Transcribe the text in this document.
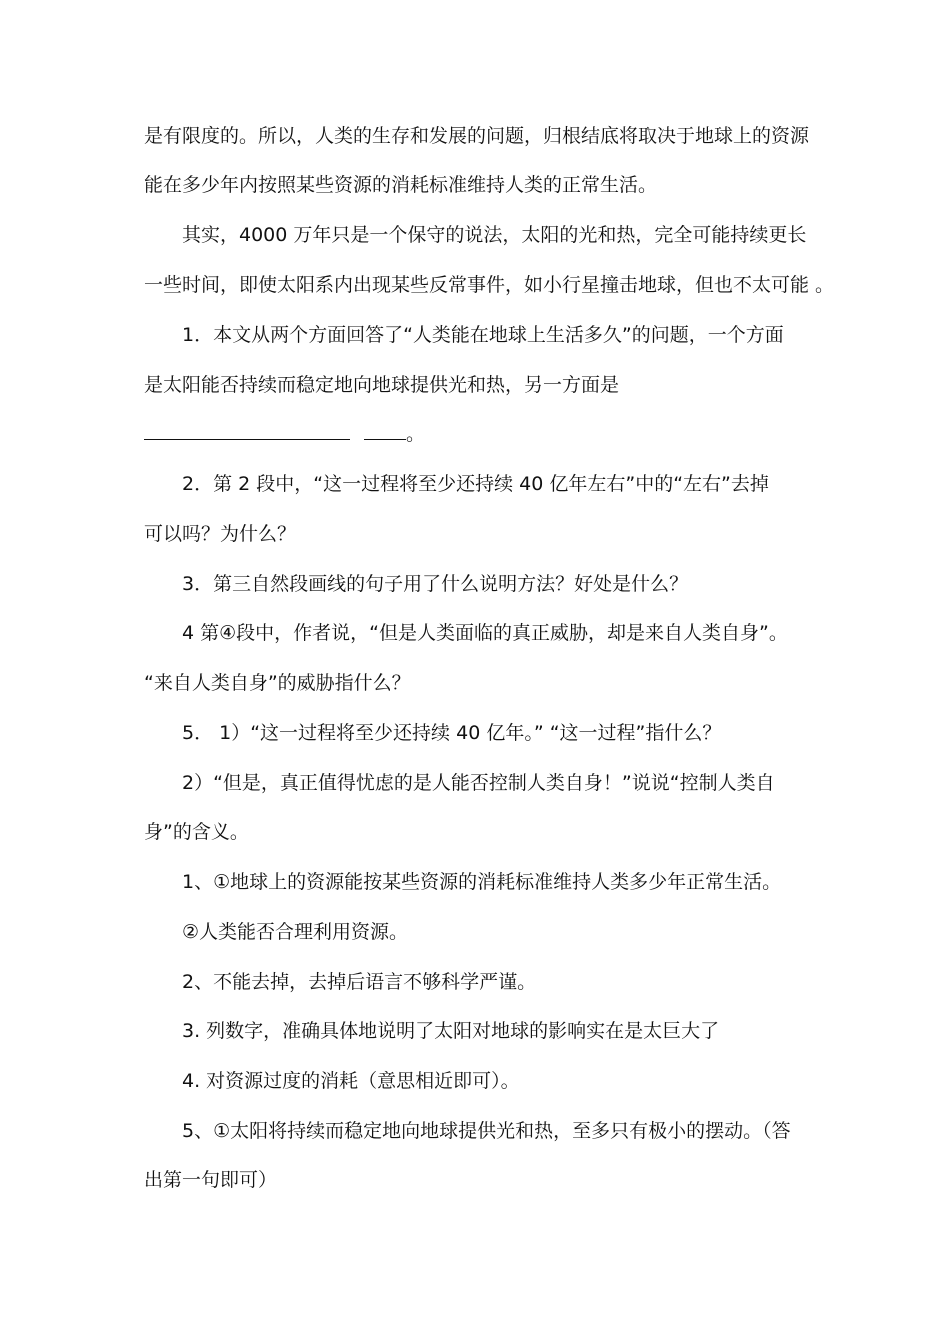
是有限度的。所以，人类的生存和发展的问题，归根结底将取决于地球上的资源
能在多少年内按照某些资源的消耗标准维持人类的正常生活。
其实，4000 万年只是一个保守的说法，太阳的光和热，完全可能持续更长
一些时间，即使太阳系内出现某些反常事件，如小行星撞击地球，但也不太可能 。
1．本文从两个方面回答了“人类能在地球上生活多久”的问题，一个方面
是太阳能否持续而稳定地向地球提供光和热，另一方面是
。
2．第 2 段中，“这一过程将至少还持续 40 亿年左右”中的“左右”去掉
可以吗？为什么？
3．第三自然段画线的句子用了什么说明方法？好处是什么？
4 第④段中，作者说，“但是人类面临的真正威胁，却是来自人类自身”。
“来自人类自身”的威胁指什么？
5． 1）“这一过程将至少还持续 40 亿年。” “这一过程”指什么？
2）“但是，真正值得忧虑的是人能否控制人类自身！”说说“控制人类自
身”的含义。
1、①地球上的资源能按某些资源的消耗标准维持人类多少年正常生活。
②人类能否合理利用资源。
2、不能去掉，去掉后语言不够科学严谨。
3. 列数字，准确具体地说明了太阳对地球的影响实在是太巨大了
4. 对资源过度的消耗（意思相近即可）。
5、①太阳将持续而稳定地向地球提供光和热，至多只有极小的摆动。（答
出第一句即可）
